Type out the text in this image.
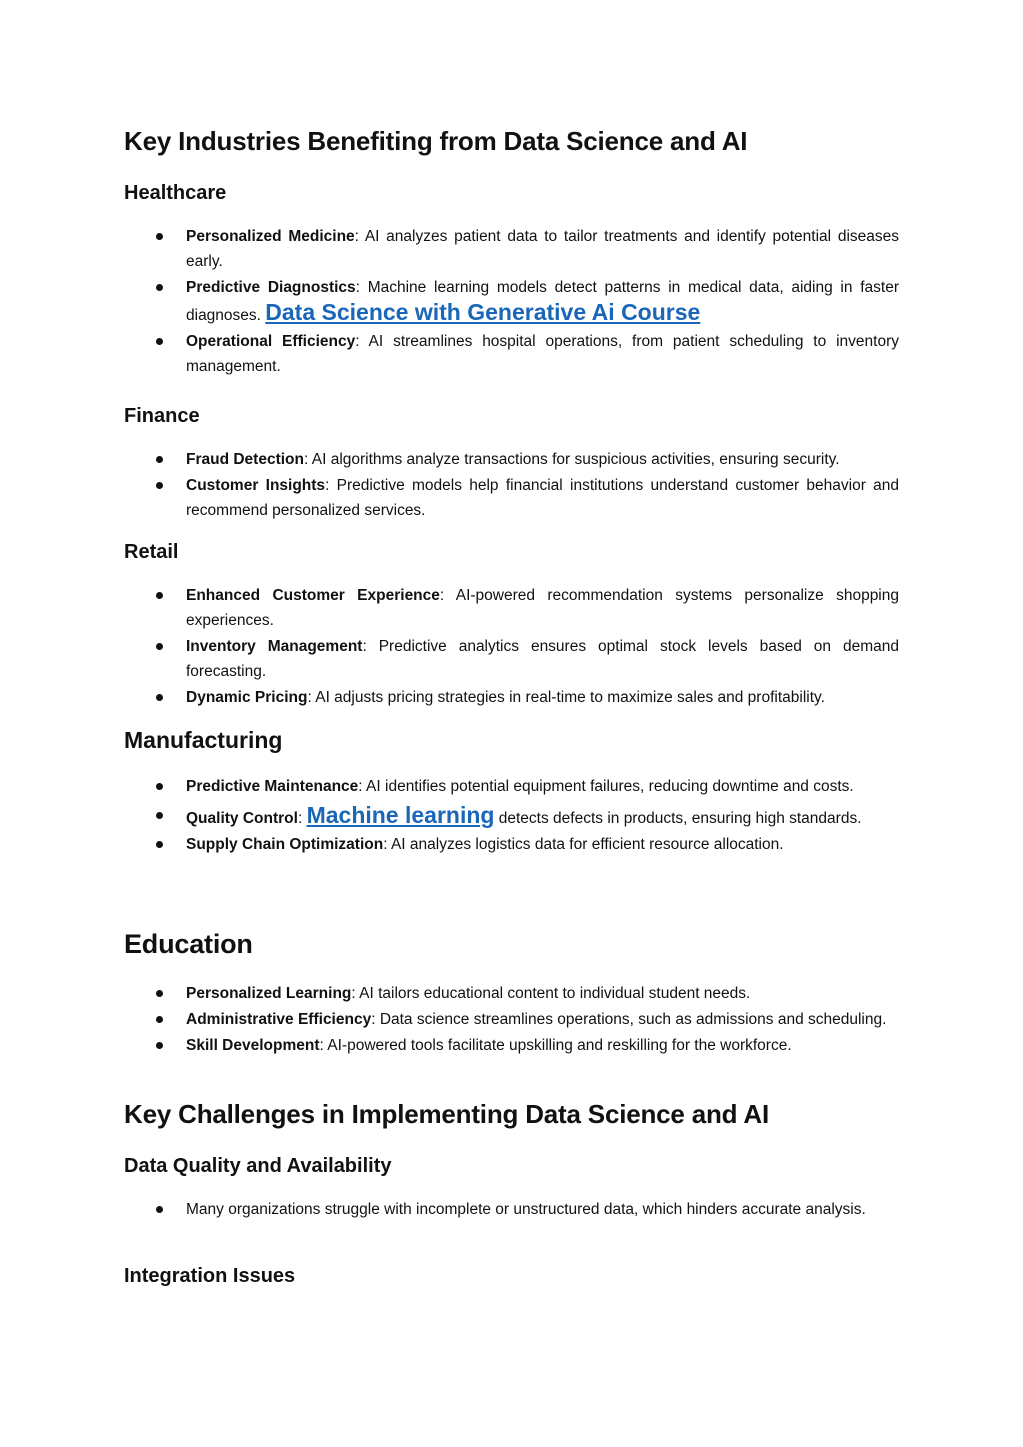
Key Industries Benefiting from Data Science and AI
Healthcare
Personalized Medicine: AI analyzes patient data to tailor treatments and identify potential diseases early.
Predictive Diagnostics: Machine learning models detect patterns in medical data, aiding in faster diagnoses. Data Science with Generative Ai Course
Operational Efficiency: AI streamlines hospital operations, from patient scheduling to inventory management.
Finance
Fraud Detection: AI algorithms analyze transactions for suspicious activities, ensuring security.
Customer Insights: Predictive models help financial institutions understand customer behavior and recommend personalized services.
Retail
Enhanced Customer Experience: AI-powered recommendation systems personalize shopping experiences.
Inventory Management: Predictive analytics ensures optimal stock levels based on demand forecasting.
Dynamic Pricing: AI adjusts pricing strategies in real-time to maximize sales and profitability.
Manufacturing
Predictive Maintenance: AI identifies potential equipment failures, reducing downtime and costs.
Quality Control: Machine learning detects defects in products, ensuring high standards.
Supply Chain Optimization: AI analyzes logistics data for efficient resource allocation.
Education
Personalized Learning: AI tailors educational content to individual student needs.
Administrative Efficiency: Data science streamlines operations, such as admissions and scheduling.
Skill Development: AI-powered tools facilitate upskilling and reskilling for the workforce.
Key Challenges in Implementing Data Science and AI
Data Quality and Availability
Many organizations struggle with incomplete or unstructured data, which hinders accurate analysis.
Integration Issues
